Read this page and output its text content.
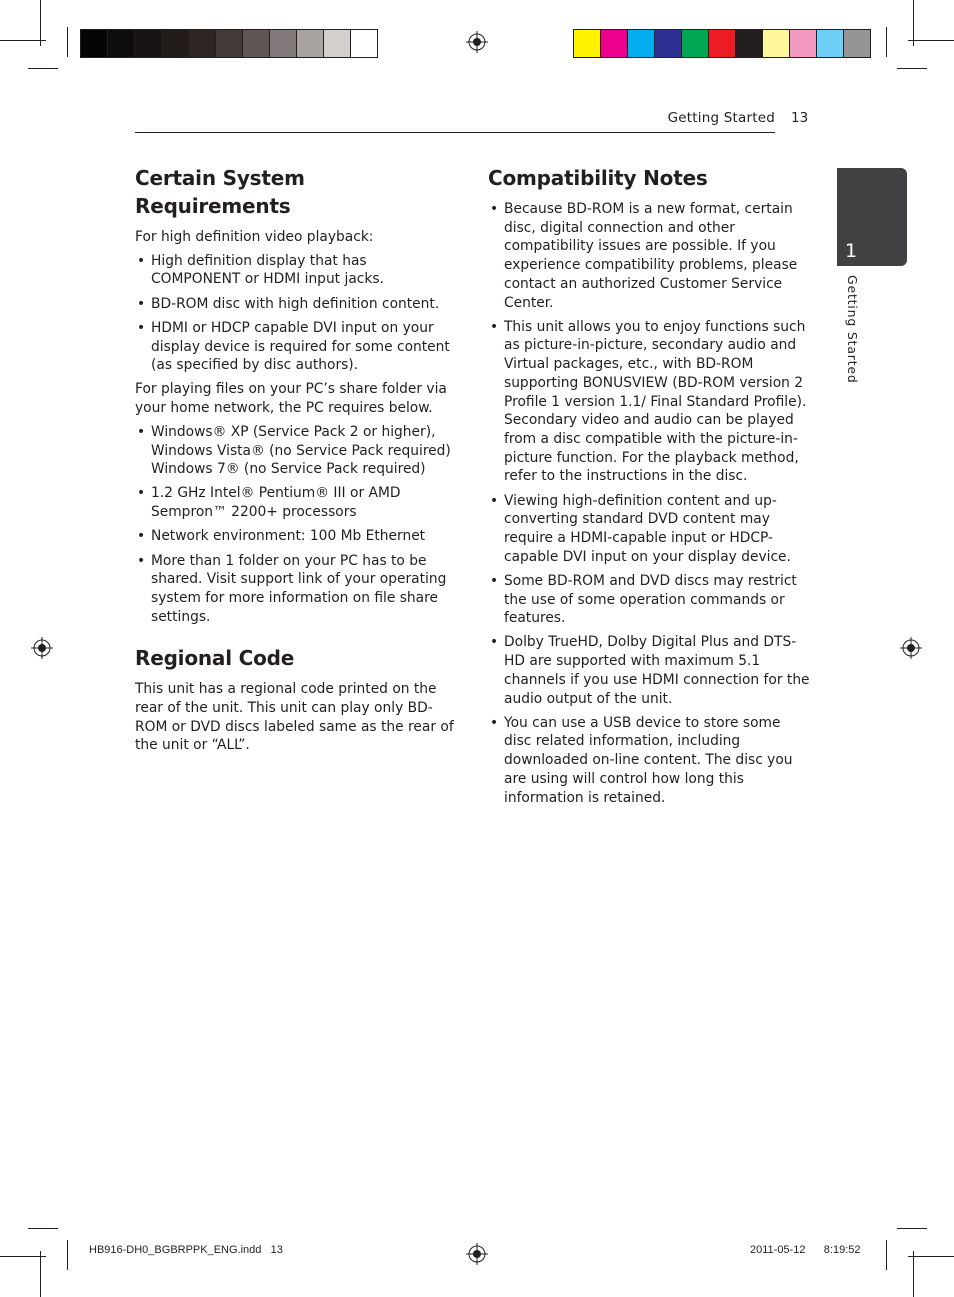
Getting Started 13
1
Getting Started
Certain System Requirements

For high definition video playback:

• High definition display that has COMPONENT or HDMI input jacks.
• BD-ROM disc with high definition content.
• HDMI or HDCP capable DVI input on your display device is required for some content (as specified by disc authors).

For playing files on your PC’s share folder via your home network, the PC requires below.

• Windows® XP (Service Pack 2 or higher), Windows Vista® (no Service Pack required) Windows 7® (no Service Pack required)
• 1.2 GHz Intel® Pentium® III or AMD Sempron™ 2200+ processors
• Network environment: 100 Mb Ethernet
• More than 1 folder on your PC has to be shared. Visit support link of your operating system for more information on file share settings.
Regional Code

This unit has a regional code printed on the rear of the unit. This unit can play only BD-ROM or DVD discs labeled same as the rear of the unit or “ALL”.

Compatibility Notes
• Because BD-ROM is a new format, certain disc, digital connection and other compatibility issues are possible. If you experience compatibility problems, please contact an authorized Customer Service Center.
• This unit allows you to enjoy functions such as picture-in-picture, secondary audio and Virtual packages, etc., with BD-ROM supporting BONUSVIEW (BD-ROM version 2 Profile 1 version 1.1/ Final Standard Profile). Secondary video and audio can be played from a disc compatible with the picture-in-picture function. For the playback method, refer to the instructions in the disc.
• Viewing high-definition content and up-converting standard DVD content may require a HDMI-capable input or HDCP-capable DVI input on your display device.
• Some BD-ROM and DVD discs may restrict the use of some operation commands or features.
• Dolby TrueHD, Dolby Digital Plus and DTS-HD are supported with maximum 5.1 channels if you use HDMI connection for the audio output of the unit.
• You can use a USB device to store some disc related information, including downloaded on-line content. The disc you are using will control how long this information is retained.
HB916-DH0_BGBRPPK_ENG.indd   13	2011-05-12      8:19:52
